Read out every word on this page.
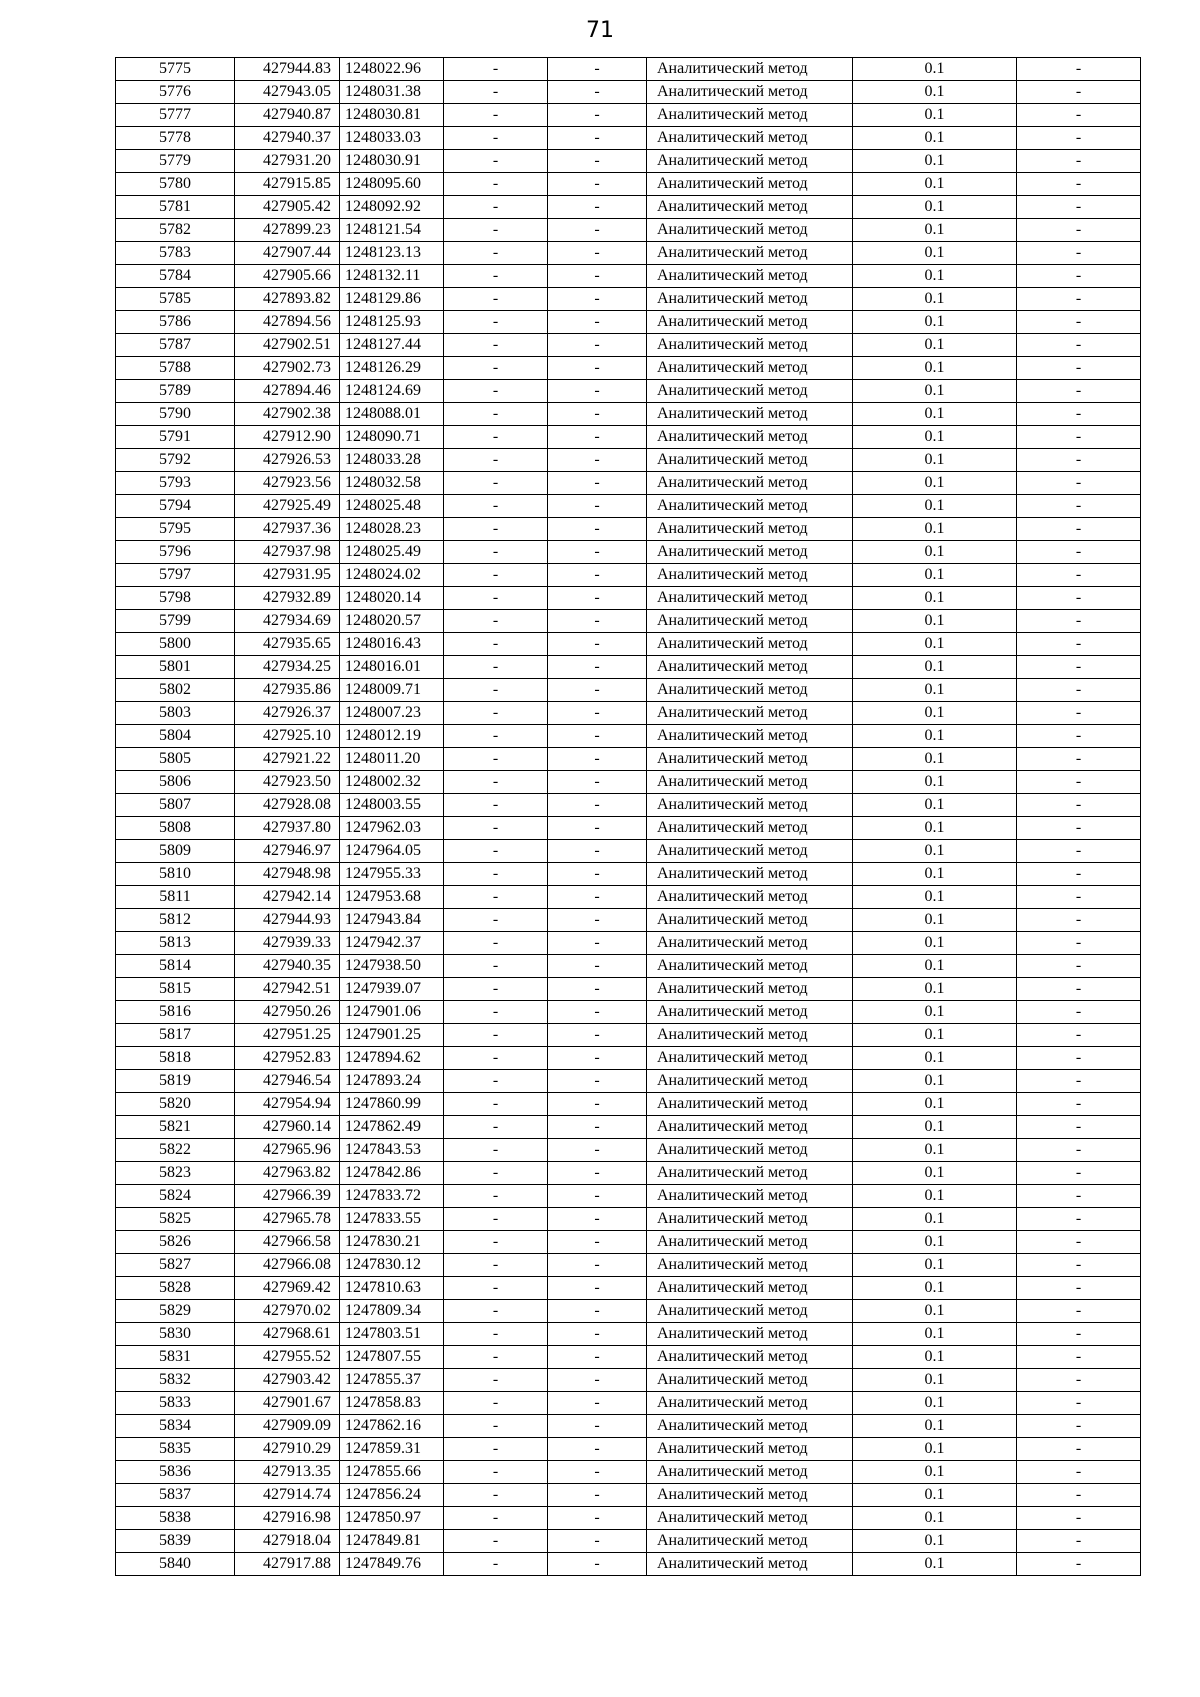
71
5775	427944.83	1248022.96	-	-	Аналитический метод	0.1	-
5776	427943.05	1248031.38	-	-	Аналитический метод	0.1	-
5777	427940.87	1248030.81	-	-	Аналитический метод	0.1	-
5778	427940.37	1248033.03	-	-	Аналитический метод	0.1	-
5779	427931.20	1248030.91	-	-	Аналитический метод	0.1	-
5780	427915.85	1248095.60	-	-	Аналитический метод	0.1	-
5781	427905.42	1248092.92	-	-	Аналитический метод	0.1	-
5782	427899.23	1248121.54	-	-	Аналитический метод	0.1	-
5783	427907.44	1248123.13	-	-	Аналитический метод	0.1	-
5784	427905.66	1248132.11	-	-	Аналитический метод	0.1	-
5785	427893.82	1248129.86	-	-	Аналитический метод	0.1	-
5786	427894.56	1248125.93	-	-	Аналитический метод	0.1	-
5787	427902.51	1248127.44	-	-	Аналитический метод	0.1	-
5788	427902.73	1248126.29	-	-	Аналитический метод	0.1	-
5789	427894.46	1248124.69	-	-	Аналитический метод	0.1	-
5790	427902.38	1248088.01	-	-	Аналитический метод	0.1	-
5791	427912.90	1248090.71	-	-	Аналитический метод	0.1	-
5792	427926.53	1248033.28	-	-	Аналитический метод	0.1	-
5793	427923.56	1248032.58	-	-	Аналитический метод	0.1	-
5794	427925.49	1248025.48	-	-	Аналитический метод	0.1	-
5795	427937.36	1248028.23	-	-	Аналитический метод	0.1	-
5796	427937.98	1248025.49	-	-	Аналитический метод	0.1	-
5797	427931.95	1248024.02	-	-	Аналитический метод	0.1	-
5798	427932.89	1248020.14	-	-	Аналитический метод	0.1	-
5799	427934.69	1248020.57	-	-	Аналитический метод	0.1	-
5800	427935.65	1248016.43	-	-	Аналитический метод	0.1	-
5801	427934.25	1248016.01	-	-	Аналитический метод	0.1	-
5802	427935.86	1248009.71	-	-	Аналитический метод	0.1	-
5803	427926.37	1248007.23	-	-	Аналитический метод	0.1	-
5804	427925.10	1248012.19	-	-	Аналитический метод	0.1	-
5805	427921.22	1248011.20	-	-	Аналитический метод	0.1	-
5806	427923.50	1248002.32	-	-	Аналитический метод	0.1	-
5807	427928.08	1248003.55	-	-	Аналитический метод	0.1	-
5808	427937.80	1247962.03	-	-	Аналитический метод	0.1	-
5809	427946.97	1247964.05	-	-	Аналитический метод	0.1	-
5810	427948.98	1247955.33	-	-	Аналитический метод	0.1	-
5811	427942.14	1247953.68	-	-	Аналитический метод	0.1	-
5812	427944.93	1247943.84	-	-	Аналитический метод	0.1	-
5813	427939.33	1247942.37	-	-	Аналитический метод	0.1	-
5814	427940.35	1247938.50	-	-	Аналитический метод	0.1	-
5815	427942.51	1247939.07	-	-	Аналитический метод	0.1	-
5816	427950.26	1247901.06	-	-	Аналитический метод	0.1	-
5817	427951.25	1247901.25	-	-	Аналитический метод	0.1	-
5818	427952.83	1247894.62	-	-	Аналитический метод	0.1	-
5819	427946.54	1247893.24	-	-	Аналитический метод	0.1	-
5820	427954.94	1247860.99	-	-	Аналитический метод	0.1	-
5821	427960.14	1247862.49	-	-	Аналитический метод	0.1	-
5822	427965.96	1247843.53	-	-	Аналитический метод	0.1	-
5823	427963.82	1247842.86	-	-	Аналитический метод	0.1	-
5824	427966.39	1247833.72	-	-	Аналитический метод	0.1	-
5825	427965.78	1247833.55	-	-	Аналитический метод	0.1	-
5826	427966.58	1247830.21	-	-	Аналитический метод	0.1	-
5827	427966.08	1247830.12	-	-	Аналитический метод	0.1	-
5828	427969.42	1247810.63	-	-	Аналитический метод	0.1	-
5829	427970.02	1247809.34	-	-	Аналитический метод	0.1	-
5830	427968.61	1247803.51	-	-	Аналитический метод	0.1	-
5831	427955.52	1247807.55	-	-	Аналитический метод	0.1	-
5832	427903.42	1247855.37	-	-	Аналитический метод	0.1	-
5833	427901.67	1247858.83	-	-	Аналитический метод	0.1	-
5834	427909.09	1247862.16	-	-	Аналитический метод	0.1	-
5835	427910.29	1247859.31	-	-	Аналитический метод	0.1	-
5836	427913.35	1247855.66	-	-	Аналитический метод	0.1	-
5837	427914.74	1247856.24	-	-	Аналитический метод	0.1	-
5838	427916.98	1247850.97	-	-	Аналитический метод	0.1	-
5839	427918.04	1247849.81	-	-	Аналитический метод	0.1	-
5840	427917.88	1247849.76	-	-	Аналитический метод	0.1	-
